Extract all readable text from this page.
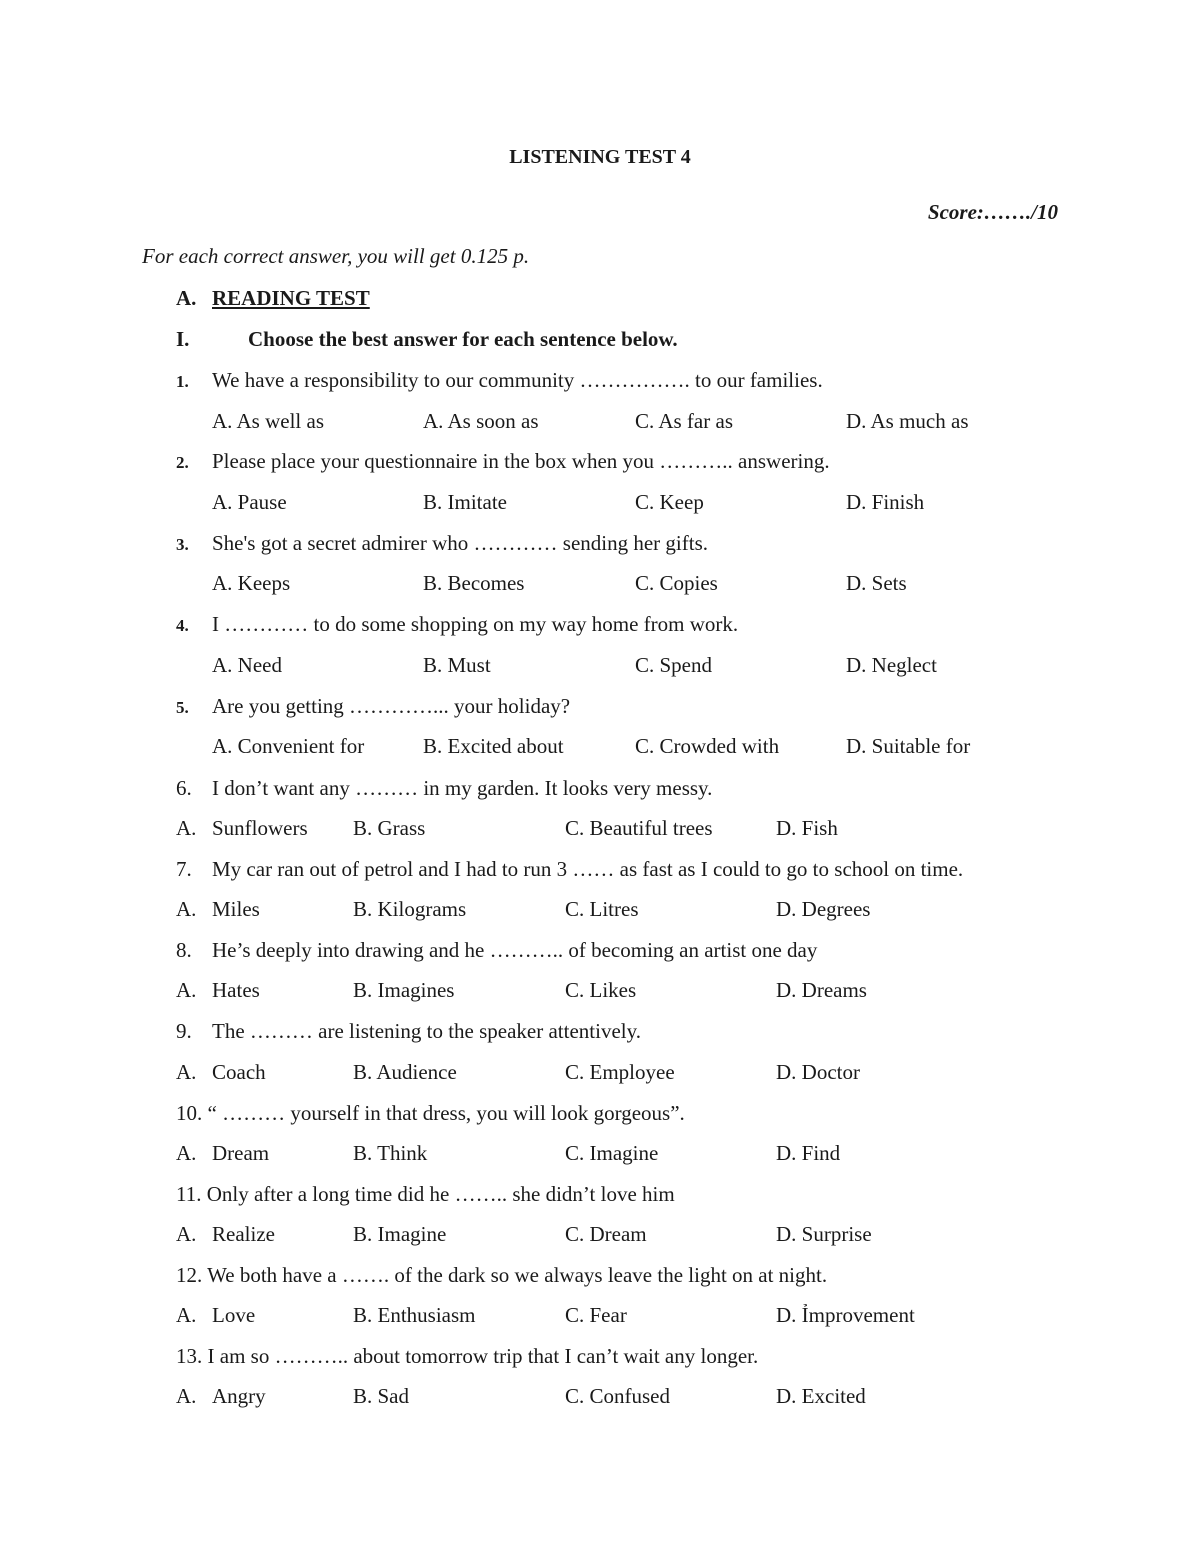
LISTENING TEST 4
Score:……./10
For each correct answer, you will get 0.125 p.
A. READING TEST
I.	Choose the best answer for each sentence below.
1. We have a responsibility to our community ……………. to our families.
A. As well as	A. As soon as	C. As far as	D. As much as
2. Please place your questionnaire in the box when you ……….. answering.
A. Pause	B. Imitate	C. Keep	D. Finish
3. She's got a secret admirer who ………… sending her gifts.
A. Keeps	B. Becomes	C. Copies	D. Sets
4. I ………… to do some shopping on my way home from work.
A. Need	B. Must	C. Spend	D. Neglect
5. Are you getting …………... your holiday?
A. Convenient for	B. Excited about	C. Crowded with	D. Suitable for
6. I don’t want any ……… in my garden. It looks very messy.
A. Sunflowers B. Grass	C. Beautiful trees	D. Fish
7. My car ran out of petrol and I had to run 3 …… as fast as I could to go to school on time.
A. Miles	B. Kilograms	C. Litres	D. Degrees
8. He’s deeply into drawing and he ……….. of becoming an artist one day
A. Hates	B. Imagines	C. Likes	D. Dreams
9. The ……… are listening to the speaker attentively.
A. Coach	B. Audience	C. Employee	D. Doctor
10. “ ……… yourself in that dress, you will look gorgeous”.
A. Dream	B. Think	C. Imagine	D. Find
11. Only after a long time did he …….. she didn’t love him
A. Realize	B. Imagine	C. Dream	D. Surprise
12. We both have a ……. of the dark so we always leave the light on at night.
A. Love	B. Enthusiasm	C. Fear	D. Ỉmprovement
13. I am so ……….. about tomorrow trip that I can’t wait any longer.
A. Angry	B. Sad	C. Confused	D. Excited
